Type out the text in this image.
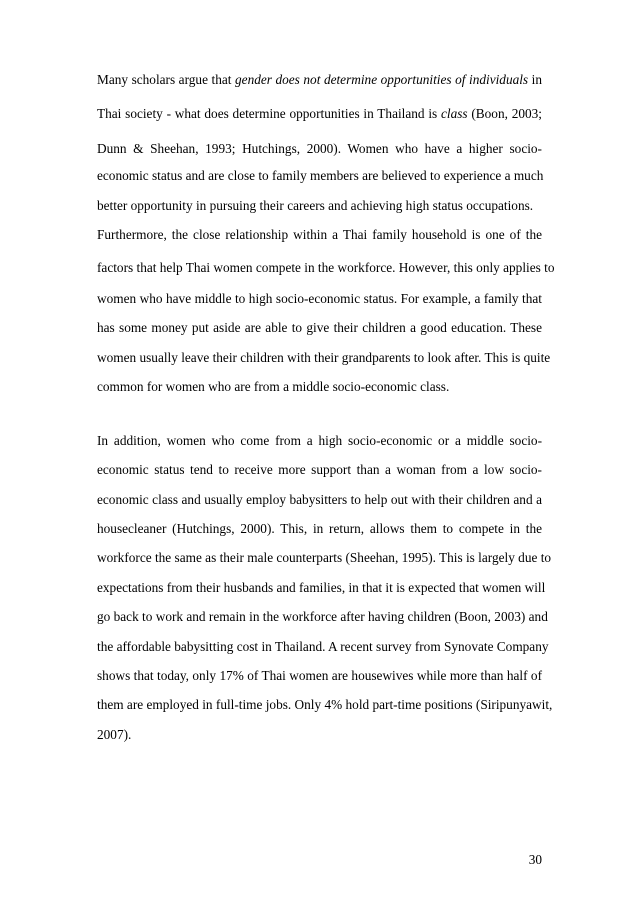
Many scholars argue that gender does not determine opportunities of individuals in
Thai society - what does determine opportunities in Thailand is class (Boon, 2003;
Dunn & Sheehan, 1993; Hutchings, 2000). Women who have a higher socio-
economic status and are close to family members are believed to experience a much
better opportunity in pursuing their careers and achieving high status occupations.
Furthermore, the close relationship within a Thai family household is one of the
factors that help Thai women compete in the workforce. However, this only applies to
women who have middle to high socio-economic status. For example, a family that
has some money put aside are able to give their children a good education. These
women usually leave their children with their grandparents to look after. This is quite
common for women who are from a middle socio-economic class.
In addition, women who come from a high socio-economic or a middle socio-
economic status tend to receive more support than a woman from a low socio-
economic class and usually employ babysitters to help out with their children and a
housecleaner (Hutchings, 2000). This, in return, allows them to compete in the
workforce the same as their male counterparts (Sheehan, 1995). This is largely due to
expectations from their husbands and families, in that it is expected that women will
go back to work and remain in the workforce after having children (Boon, 2003) and
the affordable babysitting cost in Thailand. A recent survey from Synovate Company
shows that today, only 17% of Thai women are housewives while more than half of
them are employed in full-time jobs. Only 4% hold part-time positions (Siripunyawit,
2007).
30
